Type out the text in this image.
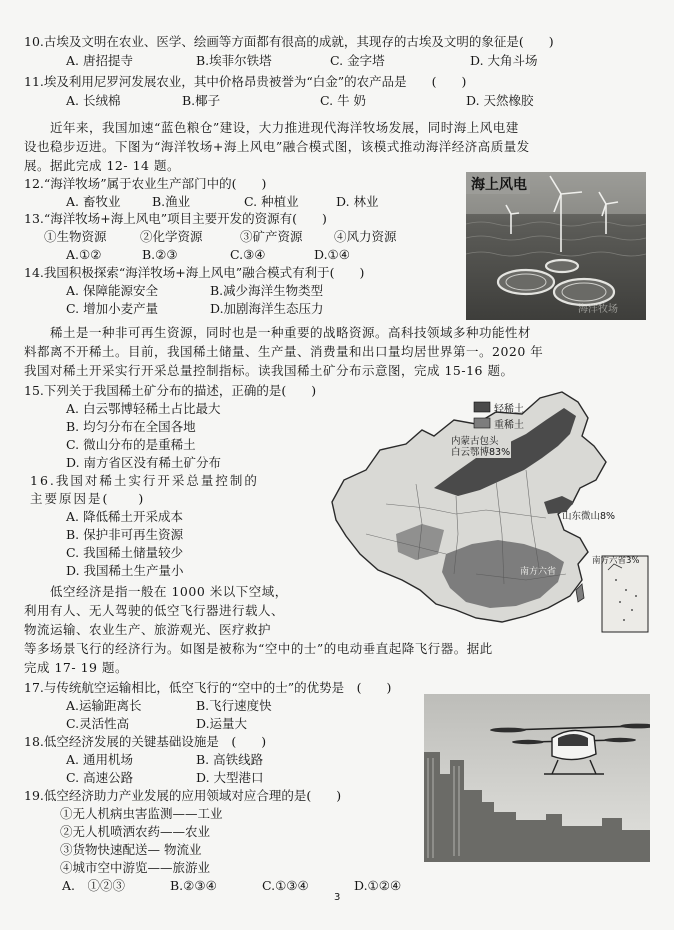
10.古埃及文明在农业、医学、绘画等方面都有很高的成就，其现存的古埃及文明的象征是(　　)
A. 唐招提寺	B.埃菲尔铁塔	C. 金字塔	D. 大角斗场
11.埃及利用尼罗河发展农业，其中价格昂贵被誉为“白金”的农产品是　　(　　)
A. 长绒棉	B.椰子	C. 牛 奶	D. 天然橡胶
　　近年来，我国加速“蓝色粮仓”建设，大力推进现代海洋牧场发展，同时海上风电建
设也稳步迈进。下图为“海洋牧场+海上风电”融合模式图，该模式推动海洋经济高质量发
展。据此完成 12- 14 题。
12.“海洋牧场”属于农业生产部门中的(　　)
A. 畜牧业	B.渔业	C. 种植业	D. 林业
13.“海洋牧场+海上风电”项目主要开发的资源有(　　)
①生物资源	②化学资源	③矿产资源	④风力资源
A.①②	B.②③	C.③④	D.①④
14.我国积极探索“海洋牧场+海上风电”融合模式有利于(　　)
A. 保障能源安全	B.减少海洋生物类型
C. 增加小麦产量	D.加剧海洋生态压力
海上风电
海洋牧场
　　稀土是一种非可再生资源，同时也是一种重要的战略资源。高科技领域多种功能性材
料都离不开稀土。目前，我国稀土储量、生产量、消费量和出口量均居世界第一。2020 年
我国对稀土开采实行开采总量控制指标。读我国稀土矿分布示意图，完成 15-16 题。
15.下列关于我国稀土矿分布的描述，正确的是(　　)
A. 白云鄂博轻稀土占比最大
B. 均匀分布在全国各地
C. 微山分布的是重稀土
D. 南方省区没有稀土矿分布
16.我国对稀土实行开采总量控制的
主要原因是(　　)
A. 降低稀土开采成本
B. 保护非可再生资源
C. 我国稀土储量较少
D. 我国稀土生产量小
轻稀土
重稀土
内蒙古包头
白云鄂博83%
山东微山8%
南方六省
南方六省3%
　　低空经济是指一般在 1000 米以下空域，
利用有人、无人驾驶的低空飞行器进行载人、
物流运输、农业生产、旅游观光、医疗救护
等多场景飞行的经济行为。如图是被称为“空中的士”的电动垂直起降飞行器。据此
完成 17- 19 题。
17.与传统航空运输相比，低空飞行的“空中的士”的优势是　(　　)
A.运输距离长	B.飞行速度快
C.灵活性高	D.运量大
18.低空经济发展的关键基础设施是　(　　)
A. 通用机场	B. 高铁线路
C. 高速公路	D. 大型港口
19.低空经济助力产业发展的应用领域对应合理的是(　　)
①无人机病虫害监测——工业
②无人机喷洒农药——农业
③货物快速配送— 物流业
④城市空中游览——旅游业
A.　①②③	B.②③④	C.①③④	D.①②④
3
